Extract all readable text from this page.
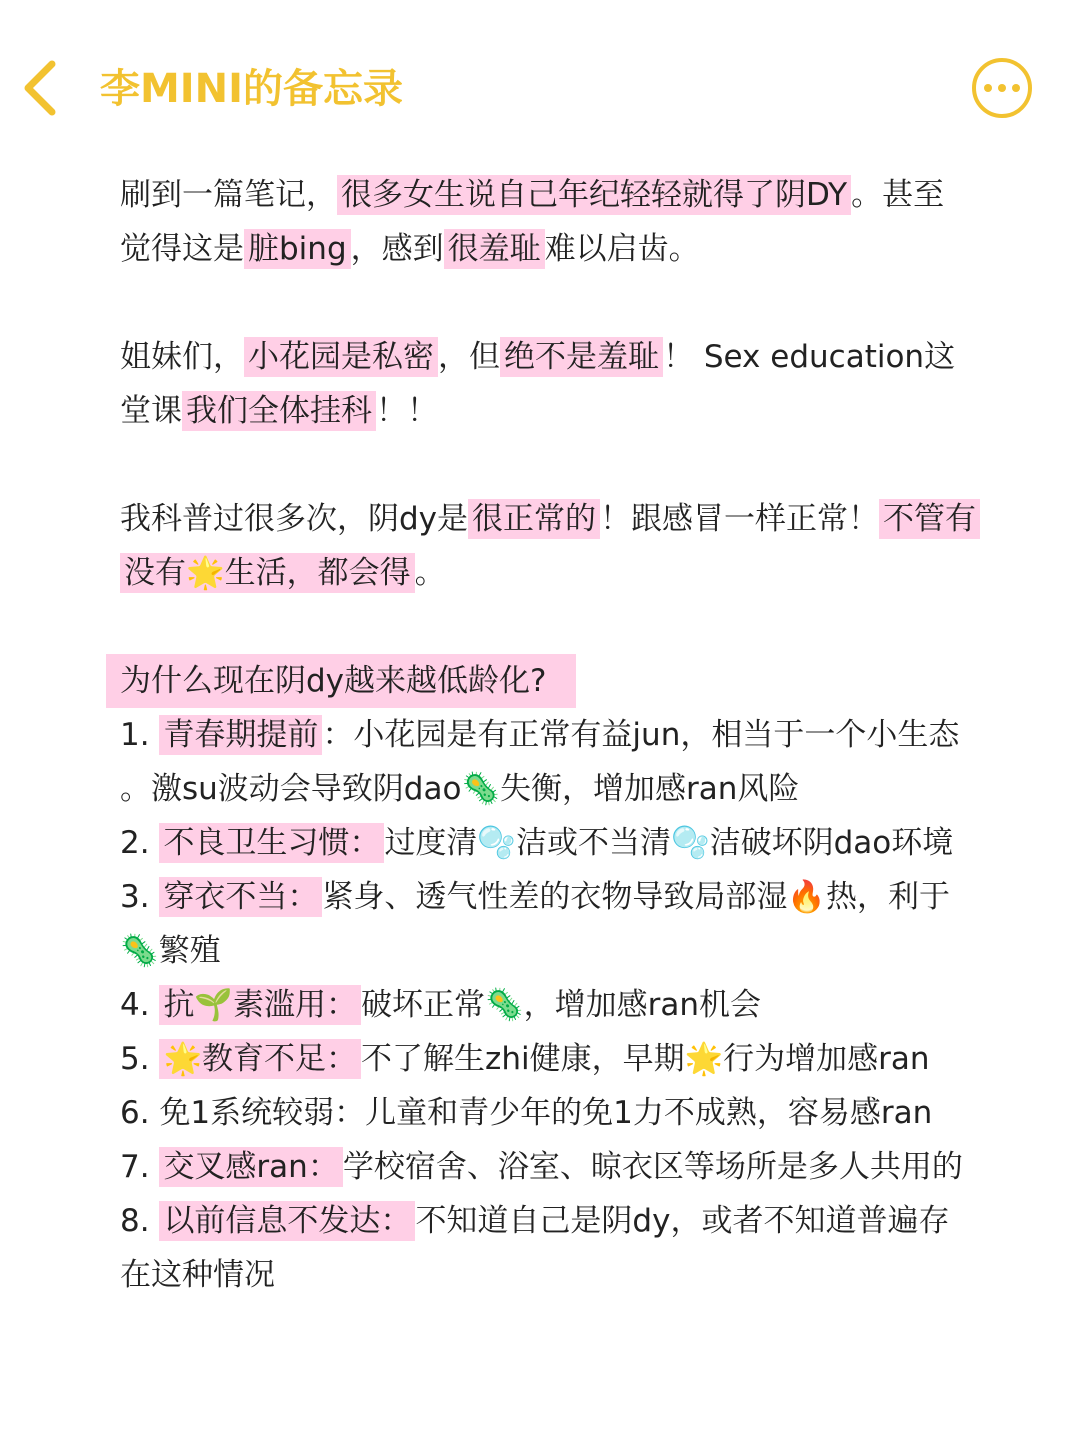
李MINI的备忘录
刷到一篇笔记， 很多女生说自己年纪轻轻就得了阴DY 。甚至
觉得这是 脏bing ，感到 很羞耻 难以启齿。
姐妹们， 小花园是私密 ，但 绝不是羞耻 ！ Sex education这
堂课 我们全体挂科 ！！
我科普过很多次，阴dy是 很正常的 ！跟感冒一样正常！ 不管有
没有🌟生活，都会得 。
为什么现在阴dy越来越低龄化?
1. 青春期提前 ：小花园是有正常有益jun，相当于一个小生态
。激su波动会导致阴dao🦠失衡，增加感ran风险
2. 不良卫生习惯： 过度清🫧洁或不当清🫧洁破坏阴dao环境
3. 穿衣不当： 紧身、透气性差的衣物导致局部湿🔥热，利于
🦠繁殖
4. 抗🌱素滥用： 破坏正常🦠，增加感ran机会
5. 🌟教育不足： 不了解生zhi健康，早期🌟行为增加感ran
6. 免1系统较弱：儿童和青少年的免1力不成熟，容易感ran
7. 交叉感ran： 学校宿舍、浴室、晾衣区等场所是多人共用的
8. 以前信息不发达： 不知道自己是阴dy，或者不知道普遍存
在这种情况
